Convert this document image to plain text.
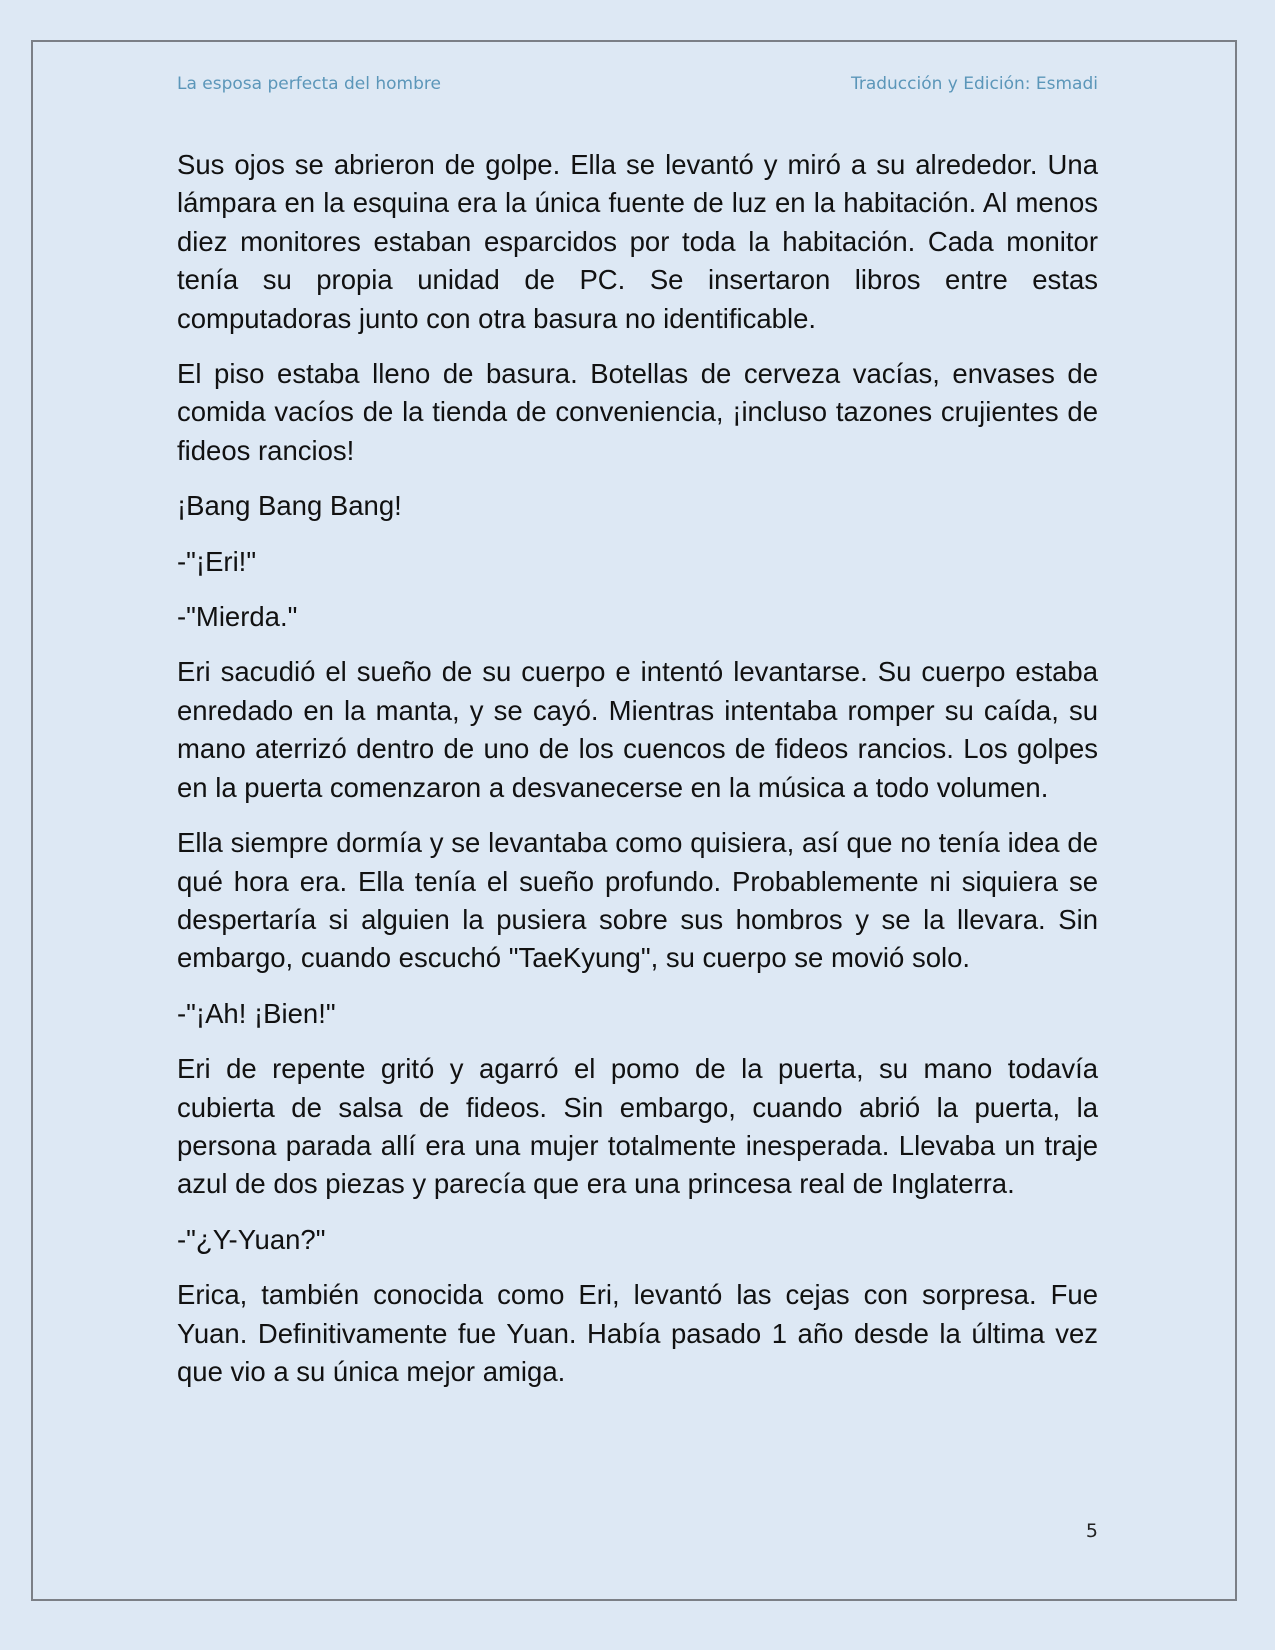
La esposa perfecta del hombre	Traducción y Edición: Esmadi

Sus ojos se abrieron de golpe. Ella se levantó y miró a su alrededor. Una lámpara en la esquina era la única fuente de luz en la habitación. Al menos diez monitores estaban esparcidos por toda la habitación. Cada monitor tenía su propia unidad de PC. Se insertaron libros entre estas computadoras junto con otra basura no identificable.

El piso estaba lleno de basura. Botellas de cerveza vacías, envases de comida vacíos de la tienda de conveniencia, ¡incluso tazones crujientes de fideos rancios!

¡Bang Bang Bang!

-"¡Eri!"

-"Mierda."

Eri sacudió el sueño de su cuerpo e intentó levantarse. Su cuerpo estaba enredado en la manta, y se cayó. Mientras intentaba romper su caída, su mano aterrizó dentro de uno de los cuencos de fideos rancios. Los golpes en la puerta comenzaron a desvanecerse en la música a todo volumen.

Ella siempre dormía y se levantaba como quisiera, así que no tenía idea de qué hora era. Ella tenía el sueño profundo. Probablemente ni siquiera se despertaría si alguien la pusiera sobre sus hombros y se la llevara. Sin embargo, cuando escuchó "TaeKyung", su cuerpo se movió solo.

-"¡Ah! ¡Bien!"

Eri de repente gritó y agarró el pomo de la puerta, su mano todavía cubierta de salsa de fideos. Sin embargo, cuando abrió la puerta, la persona parada allí era una mujer totalmente inesperada. Llevaba un traje azul de dos piezas y parecía que era una princesa real de Inglaterra.

-"¿Y-Yuan?"

Erica, también conocida como Eri, levantó las cejas con sorpresa. Fue Yuan. Definitivamente fue Yuan. Había pasado 1 año desde la última vez que vio a su única mejor amiga.

5
